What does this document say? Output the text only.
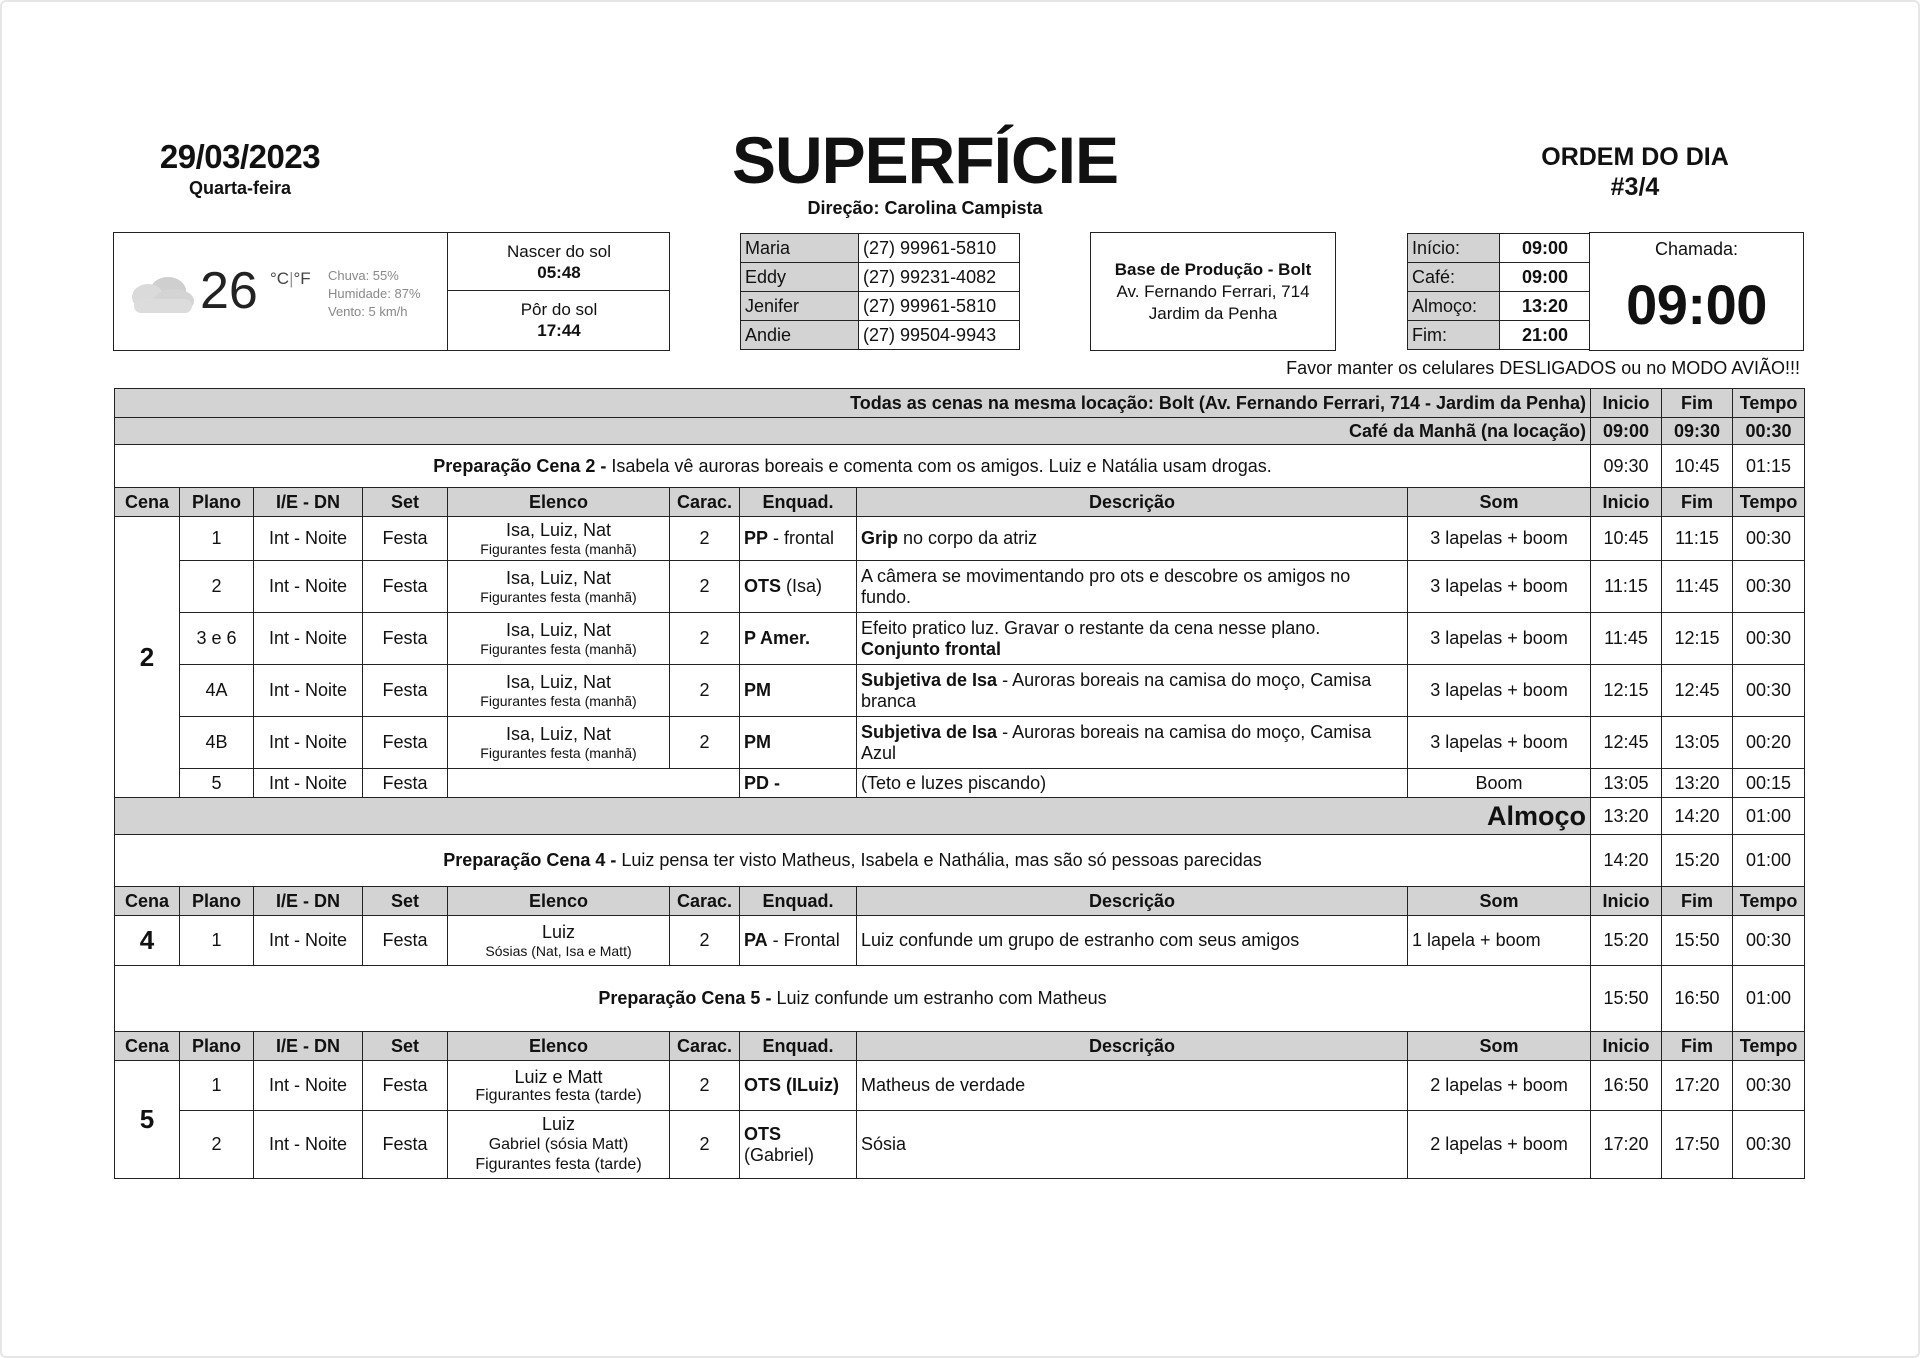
29/03/2023
Quarta-feira	SUPERFÍCIE
Direção: Carolina Campista
ORDEM DO DIA
#3/4
26 °C|°F Chuva: 55%
Humidade: 87%
Vento: 5 km/h
Nascer do sol
05:48
Pôr do sol
17:44
Maria	(27) 99961-5810
Eddy	(27) 99231-4082
Jenifer	(27) 99961-5810
Andie	(27) 99504-9943
Base de Produção - Bolt
Av. Fernando Ferrari, 714
Jardim da Penha
Início:	09:00
Café:	09:00
Almoço:	13:20
Fim:	21:00
Chamada:
09:00
Favor manter os celulares DESLIGADOS ou no MODO AVIÃO!!!
Todas as cenas na mesma locação: Bolt (Av. Fernando Ferrari, 714 - Jardim da Penha)									Inicio	Fim	Tempo
Café da Manhã (na locação)									09:00	09:30	00:30
Preparação Cena 2 - Isabela vê auroras boreais e comenta com os amigos. Luiz e Natália usam drogas.									09:30	10:45	01:15
Cena	Plano	I/E - DN	Set	Elenco	Carac.	Enquad.	Descrição	Som	Inicio	Fim	Tempo
2	1	Int - Noite	Festa	Isa, Luiz, Nat
Figurantes festa (manhã)	2	PP - frontal	Grip no corpo da atriz	3 lapelas + boom	10:45	11:15	00:30
	2	Int - Noite	Festa	Isa, Luiz, Nat
Figurantes festa (manhã)	2	OTS (Isa)	A câmera se movimentando pro ots e descobre os amigos no fundo.	3 lapelas + boom	11:15	11:45	00:30
	3 e 6	Int - Noite	Festa	Isa, Luiz, Nat
Figurantes festa (manhã)	2	P Amer.	Efeito pratico luz. Gravar o restante da cena nesse plano.
Conjunto frontal	3 lapelas + boom	11:45	12:15	00:30
	4A	Int - Noite	Festa	Isa, Luiz, Nat
Figurantes festa (manhã)	2	PM	Subjetiva de Isa - Auroras boreais na camisa do moço, Camisa branca	3 lapelas + boom	12:15	12:45	00:30
	4B	Int - Noite	Festa	Isa, Luiz, Nat
Figurantes festa (manhã)	2	PM	Subjetiva de Isa - Auroras boreais na camisa do moço, Camisa Azul	3 lapelas + boom	12:45	13:05	00:20
	5	Int - Noite	Festa			PD -	(Teto e luzes piscando)	Boom	13:05	13:20	00:15
Almoço									13:20	14:20	01:00
Preparação Cena 4 - Luiz pensa ter visto Matheus, Isabela e Nathália, mas são só pessoas parecidas									14:20	15:20	01:00
Cena	Plano	I/E - DN	Set	Elenco	Carac.	Enquad.	Descrição	Som	Inicio	Fim	Tempo
4	1	Int - Noite	Festa	Luiz
Sósias (Nat, Isa e Matt)	2	PA - Frontal	Luiz confunde um grupo de estranho com seus amigos	1 lapela + boom	15:20	15:50	00:30
Preparação Cena 5 - Luiz confunde um estranho com Matheus									15:50	16:50	01:00
Cena	Plano	I/E - DN	Set	Elenco	Carac.	Enquad.	Descrição	Som	Inicio	Fim	Tempo
5	1	Int - Noite	Festa	Luiz e Matt
Figurantes festa (tarde)	2	OTS (ILuiz)	Matheus de verdade	2 lapelas + boom	16:50	17:20	00:30
	2	Int - Noite	Festa	Luiz
Gabriel (sósia Matt)
Figurantes festa (tarde)	2	OTS
(Gabriel)	Sósia	2 lapelas + boom	17:20	17:50	00:30
